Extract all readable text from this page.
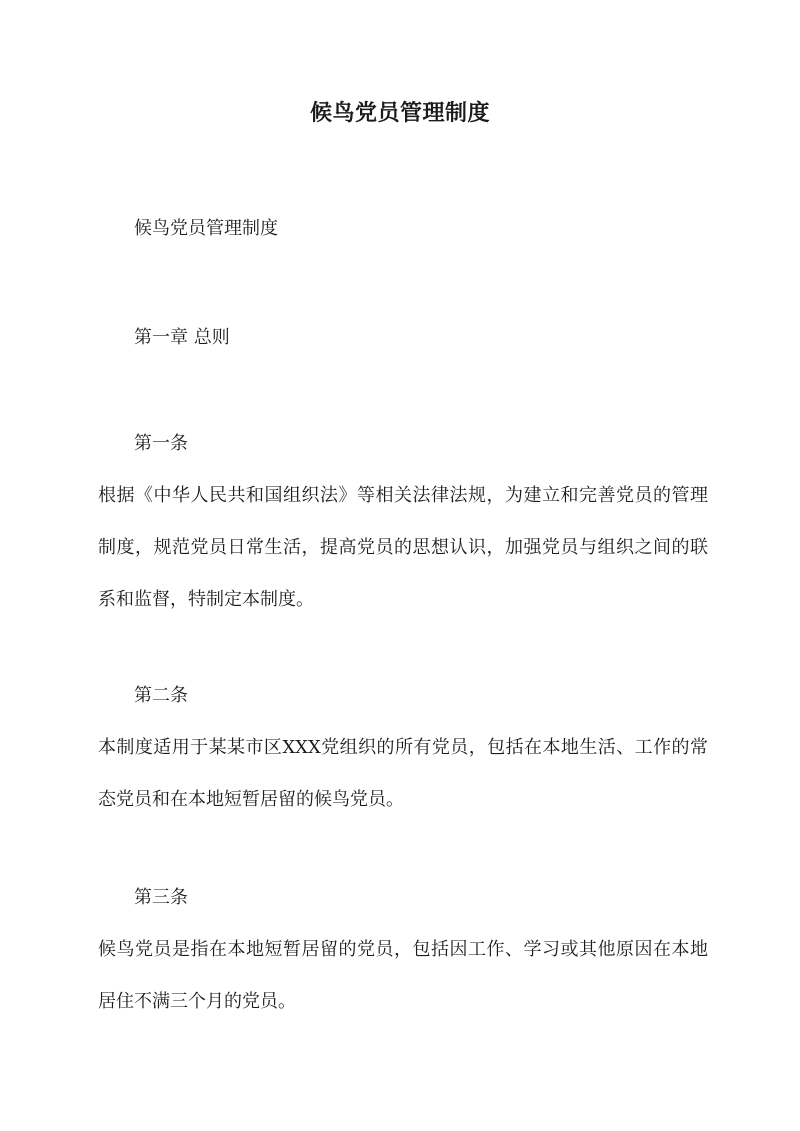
候鸟党员管理制度
候鸟党员管理制度
第一章 总则
第一条

根据《中华人民共和国组织法》等相关法律法规，为建立和完善党员的管理制度，规范党员日常生活，提高党员的思想认识，加强党员与组织之间的联系和监督，特制定本制度。

第二条

本制度适用于某某市区XXX党组织的所有党员，包括在本地生活、工作的常态党员和在本地短暂居留的候鸟党员。

第三条

候鸟党员是指在本地短暂居留的党员，包括因工作、学习或其他原因在本地居住不满三个月的党员。
